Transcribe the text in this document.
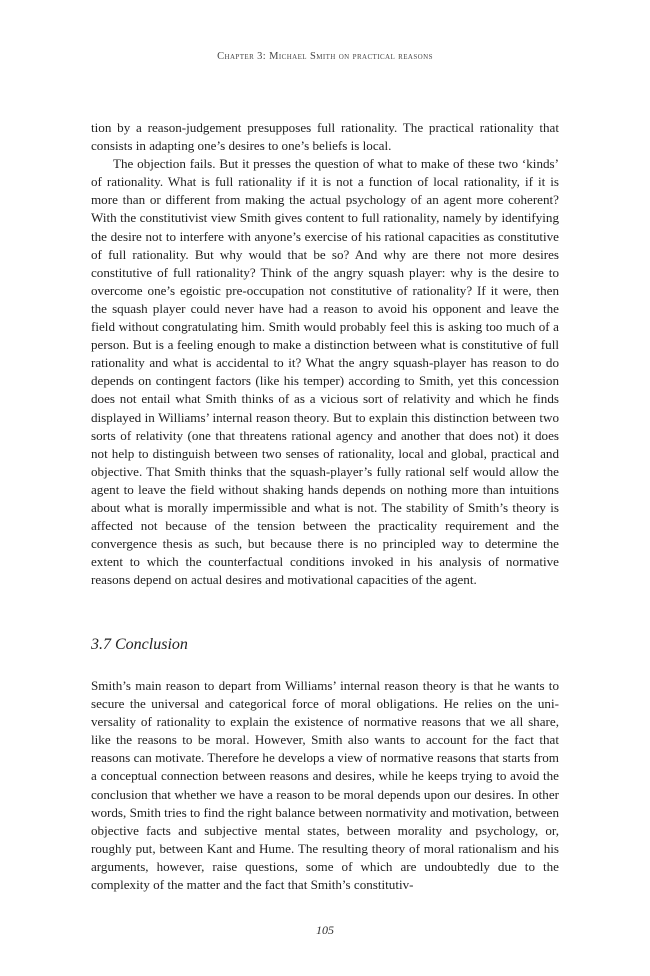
Chapter 3: Michael Smith on practical reasons

tion by a reason-judgement presupposes full rationality. The practical rationality that consists in adapting one’s desires to one’s beliefs is local.

The objection fails. But it presses the question of what to make of these two ‘kinds’ of rationality. What is full rationality if it is not a function of local rationality, if it is more than or different from making the actual psychology of an agent more coherent? With the constitutivist view Smith gives content to full rationality, namely by identifying the desire not to interfere with anyone’s exercise of his rational capacities as constitutive of full rationality. But why would that be so? And why are there not more desires constitutive of full rationality? Think of the angry squash player: why is the desire to overcome one’s egoistic pre-occupation not constitutive of rationality? If it were, then the squash player could never have had a reason to avoid his opponent and leave the field without congratulating him. Smith would probably feel this is asking too much of a person. But is a feeling enough to make a distinction between what is constitutive of full rationality and what is accidental to it? What the angry squash-player has reason to do depends on contingent factors (like his temper) according to Smith, yet this concession does not entail what Smith thinks of as a vicious sort of relativity and which he finds displayed in Williams’ internal reason theory. But to explain this distinction between two sorts of relativity (one that threatens rational agency and another that does not) it does not help to distinguish between two senses of rationality, local and global, practical and objective. That Smith thinks that the squash-player’s fully rational self would allow the agent to leave the field without shaking hands depends on nothing more than intuitions about what is morally impermissible and what is not. The stability of Smith’s theory is affected not because of the tension between the practicality requirement and the convergence thesis as such, but because there is no principled way to determine the extent to which the counterfactual conditions invoked in his analysis of normative reasons depend on actual desires and motivational capacities of the agent.

3.7 Conclusion

Smith’s main reason to depart from Williams’ internal reason theory is that he wants to secure the universal and categorical force of moral obligations. He relies on the universality of rationality to explain the existence of normative reasons that we all share, like the reasons to be moral. However, Smith also wants to account for the fact that reasons can motivate. Therefore he develops a view of normative reasons that starts from a conceptual connection between reasons and desires, while he keeps trying to avoid the conclusion that whether we have a reason to be moral depends upon our desires. In other words, Smith tries to find the right balance between normativity and motivation, between objective facts and subjective mental states, between morality and psychology, or, roughly put, between Kant and Hume. The resulting theory of moral rationalism and his arguments, however, raise questions, some of which are undoubtedly due to the complexity of the matter and the fact that Smith’s constitutiv-

105
